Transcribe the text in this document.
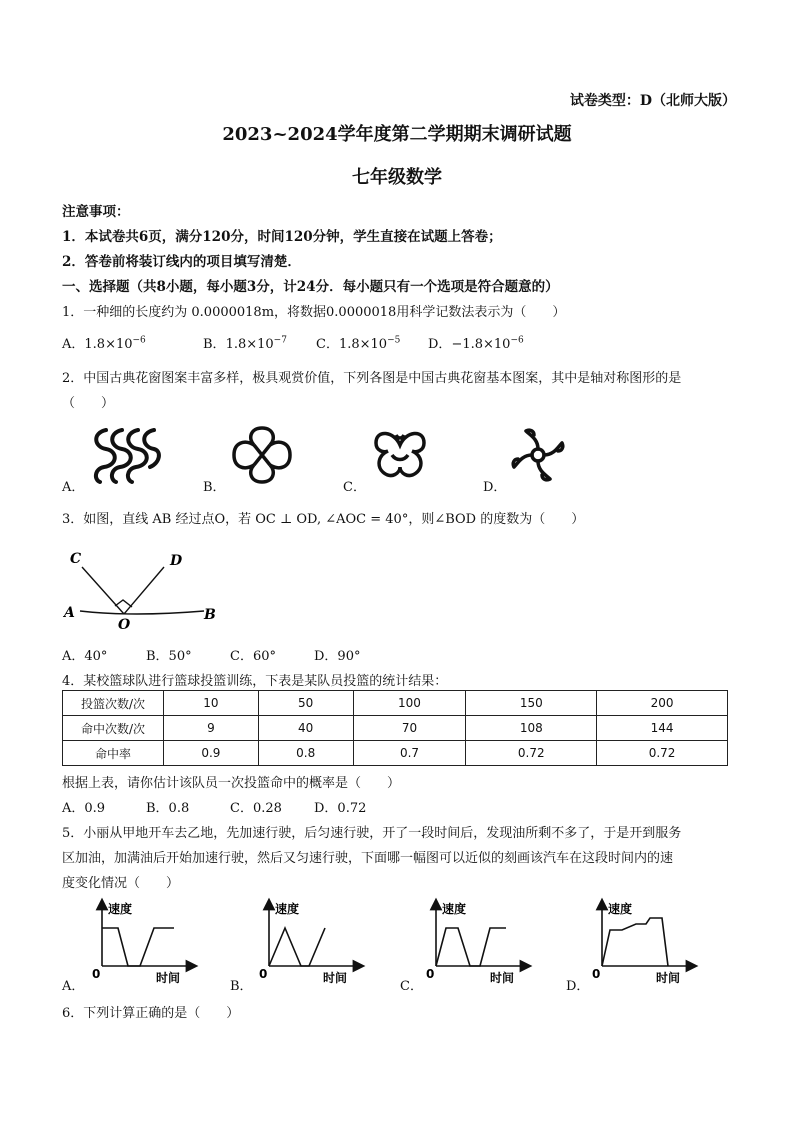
试卷类型：D（北师大版）
2023~2024学年度第二学期期末调研试题
七年级数学
注意事项：
1．本试卷共6页，满分120分，时间120分钟，学生直接在试题上答卷；
2．答卷前将装订线内的项目填写清楚．
一、选择题（共8小题，每小题3分，计24分．每小题只有一个选项是符合题意的）
1．一种细的长度约为 0.0000018m，将数据0.0000018用科学记数法表示为（　　）
A．$1.8\times 10^{-6}$	B．$1.8\times 10^{-7}$ C．$1.8\times 10^{-5}$ D．$-1.8\times 10^{-6}$
2．中国古典花窗图案丰富多样，极具观赏价值，下列各图是中国古典花窗基本图案，其中是轴对称图形的是
（　　）
A．	B．	C．	D．
3．如图，直线 AB 经过点O，若 OC ⊥ OD, ∠AOC = 40°，则∠BOD 的度数为（　　）
C	D
A
O
B
A．40°	B．50°	C．60°	D．90°
4．某校篮球队进行篮球投篮训练，下表是某队员投篮的统计结果：
投篮次数/次	10	50	100	150	200
命中次数/次	9	40	70	108	144
命中率	0.9	0.8	0.7	0.72	0.72
根据上表，请你估计该队员一次投篮命中的概率是（　　）
A．0.9	B．0.8	C．0.28 D．0.72
5．小丽从甲地开车去乙地，先加速行驶，后匀速行驶，开了一段时间后，发现油所剩不多了，于是开到服务
区加油，加满油后开始加速行驶，然后又匀速行驶，下面哪一幅图可以近似的刻画该汽车在这段时间内的速
度变化情况（　　）
速度
0	时间
速度
0	时间
速度
0	时间
速度
0	时间
A．	B．	C．	D．
6．下列计算正确的是（　　）
